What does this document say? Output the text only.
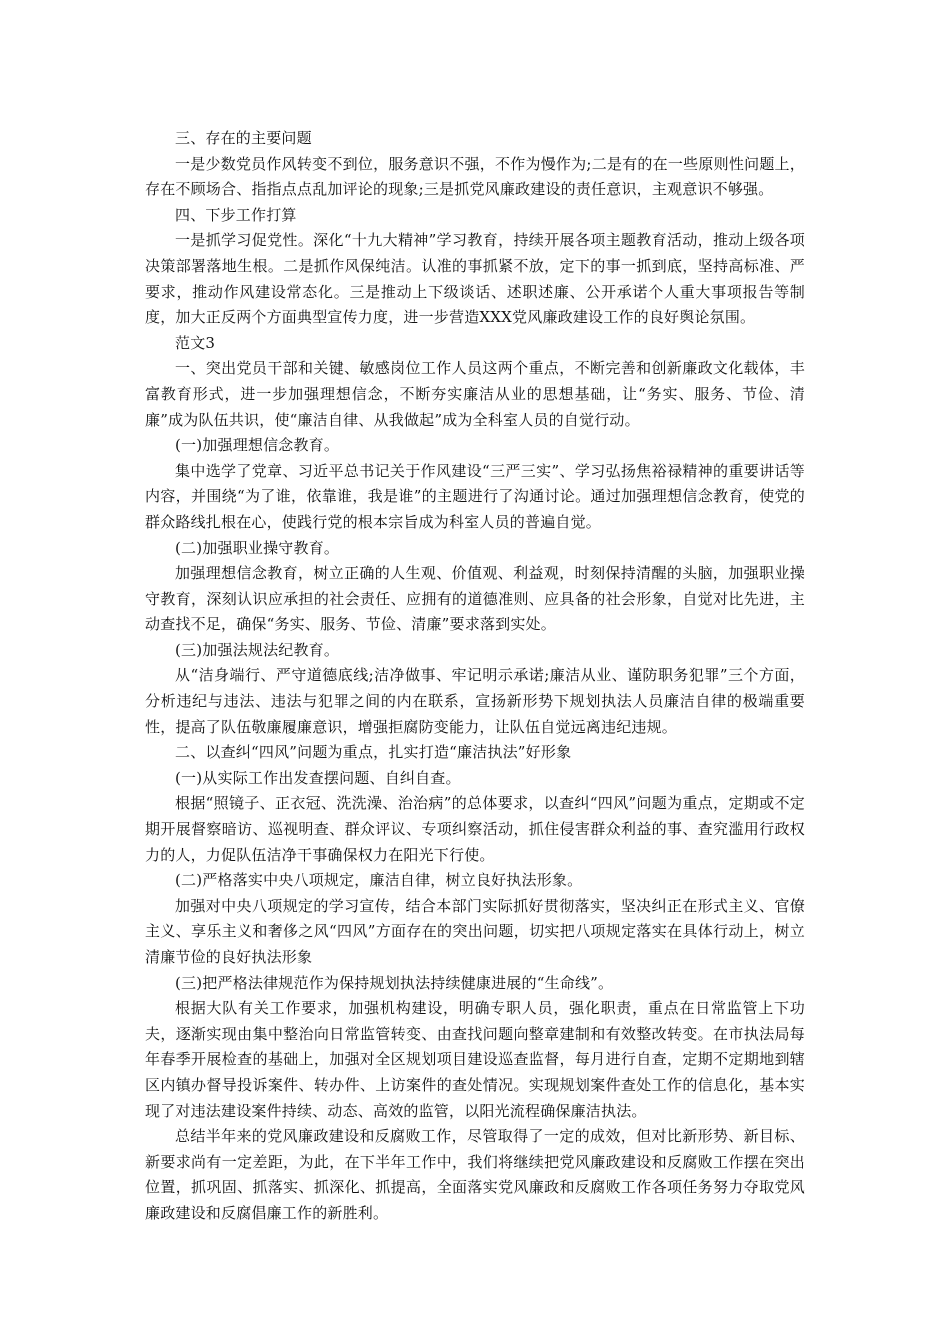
三、存在的主要问题

一是少数党员作风转变不到位，服务意识不强，不作为慢作为;二是有的在一些原则性问题上，存在不顾场合、指指点点乱加评论的现象;三是抓党风廉政建设的责任意识，主观意识不够强。

四、下步工作打算

一是抓学习促党性。深化“十九大精神”学习教育，持续开展各项主题教育活动，推动上级各项决策部署落地生根。二是抓作风保纯洁。认准的事抓紧不放，定下的事一抓到底，坚持高标准、严要求，推动作风建设常态化。三是推动上下级谈话、述职述廉、公开承诺个人重大事项报告等制度，加大正反两个方面典型宣传力度，进一步营造XXX党风廉政建设工作的良好舆论氛围。

范文3

一、突出党员干部和关键、敏感岗位工作人员这两个重点，不断完善和创新廉政文化载体，丰富教育形式，进一步加强理想信念，不断夯实廉洁从业的思想基础，让“务实、服务、节俭、清廉”成为队伍共识，使“廉洁自律、从我做起”成为全科室人员的自觉行动。

(一)加强理想信念教育。

集中选学了党章、习近平总书记关于作风建设“三严三实”、学习弘扬焦裕禄精神的重要讲话等内容，并围绕“为了谁，依靠谁，我是谁”的主题进行了沟通讨论。通过加强理想信念教育，使党的群众路线扎根在心，使践行党的根本宗旨成为科室人员的普遍自觉。

(二)加强职业操守教育。

加强理想信念教育，树立正确的人生观、价值观、利益观，时刻保持清醒的头脑，加强职业操守教育，深刻认识应承担的社会责任、应拥有的道德准则、应具备的社会形象，自觉对比先进，主动查找不足，确保“务实、服务、节俭、清廉”要求落到实处。

(三)加强法规法纪教育。

从“洁身端行、严守道德底线;洁净做事、牢记明示承诺;廉洁从业、谨防职务犯罪”三个方面，分析违纪与违法、违法与犯罪之间的内在联系，宣扬新形势下规划执法人员廉洁自律的极端重要性，提高了队伍敬廉履廉意识，增强拒腐防变能力，让队伍自觉远离违纪违规。

二、以查纠“四风”问题为重点，扎实打造“廉洁执法”好形象

(一)从实际工作出发查摆问题、自纠自查。

根据“照镜子、正衣冠、洗洗澡、治治病”的总体要求，以查纠“四风”问题为重点，定期或不定期开展督察暗访、巡视明查、群众评议、专项纠察活动，抓住侵害群众利益的事、查究滥用行政权力的人，力促队伍洁净干事确保权力在阳光下行使。

(二)严格落实中央八项规定，廉洁自律，树立良好执法形象。

加强对中央八项规定的学习宣传，结合本部门实际抓好贯彻落实，坚决纠正在形式主义、官僚主义、享乐主义和奢侈之风“四风”方面存在的突出问题，切实把八项规定落实在具体行动上，树立清廉节俭的良好执法形象

(三)把严格法律规范作为保持规划执法持续健康进展的“生命线”。

根据大队有关工作要求，加强机构建设，明确专职人员，强化职责，重点在日常监管上下功夫，逐渐实现由集中整治向日常监管转变、由查找问题向整章建制和有效整改转变。在市执法局每年春季开展检查的基础上，加强对全区规划项目建设巡查监督，每月进行自查，定期不定期地到辖区内镇办督导投诉案件、转办件、上访案件的查处情况。实现规划案件查处工作的信息化，基本实现了对违法建设案件持续、动态、高效的监管，以阳光流程确保廉洁执法。

总结半年来的党风廉政建设和反腐败工作，尽管取得了一定的成效，但对比新形势、新目标、新要求尚有一定差距，为此，在下半年工作中，我们将继续把党风廉政建设和反腐败工作摆在突出位置，抓巩固、抓落实、抓深化、抓提高，全面落实党风廉政和反腐败工作各项任务努力夺取党风廉政建设和反腐倡廉工作的新胜利。
